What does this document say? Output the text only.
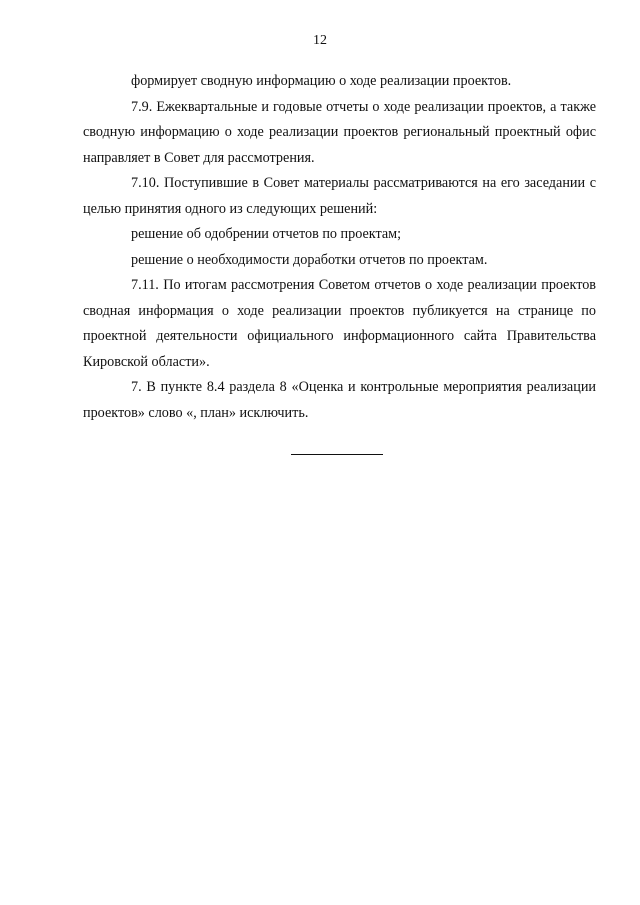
12

формирует сводную информацию о ходе реализации проектов.

7.9. Ежеквартальные и годовые отчеты о ходе реализации проектов, а также сводную информацию о ходе реализации проектов региональный проектный офис направляет в Совет для рассмотрения.

7.10. Поступившие в Совет материалы рассматриваются на его заседании с целью принятия одного из следующих решений:

решение об одобрении отчетов по проектам;

решение о необходимости доработки отчетов по проектам.

7.11. По итогам рассмотрения Советом отчетов о ходе реализации проектов сводная информация о ходе реализации проектов публикуется на странице по проектной деятельности официального информационного сайта Правительства Кировской области».

7. В пункте 8.4 раздела 8 «Оценка и контрольные мероприятия реализации проектов» слово «, план» исключить.
